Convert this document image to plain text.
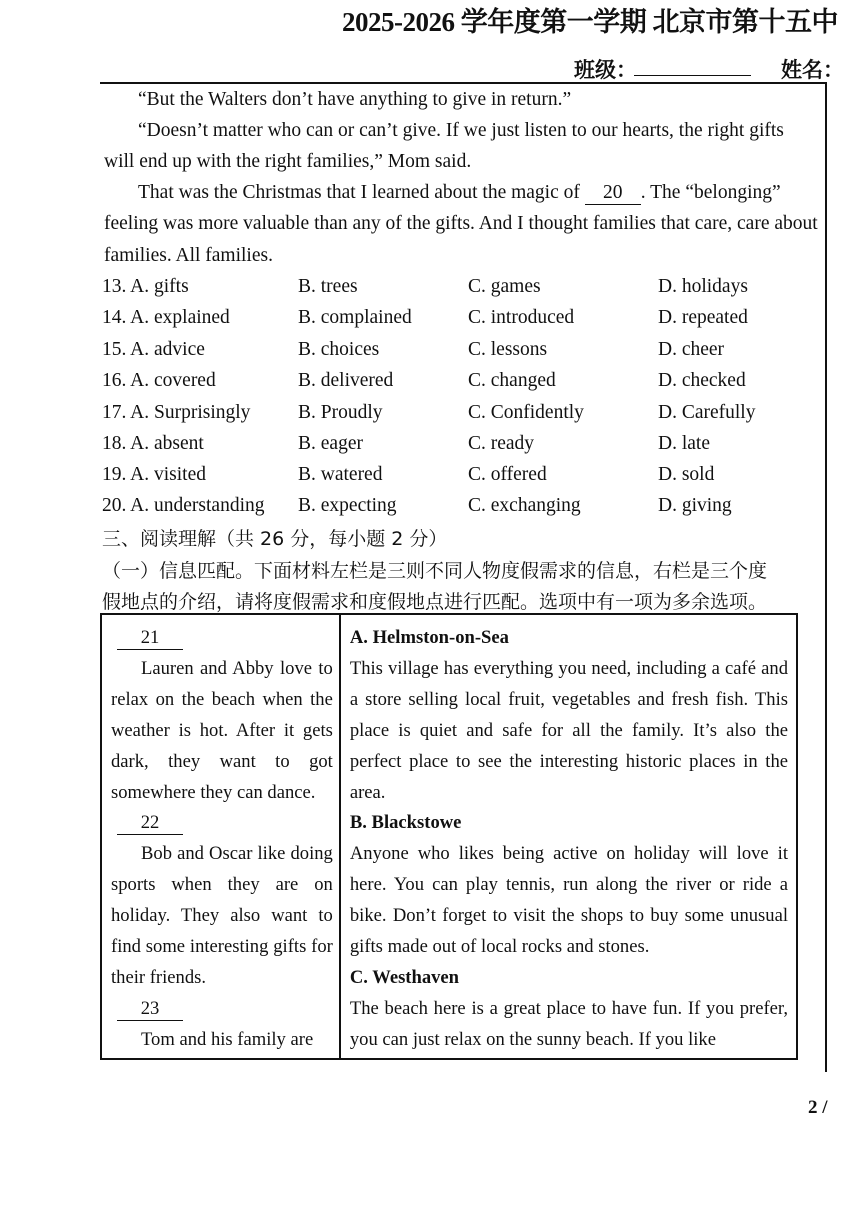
2025-2026 学年度第一学期 北京市第十五中
班级：	姓名：
“But the Walters don’t have anything to give in return.”
“Doesn’t matter who can or can’t give. If we just listen to our hearts, the right gifts
will end up with the right families,” Mom said.
That was the Christmas that I learned about the magic of 20 . The “belonging”
feeling was more valuable than any of the gifts. And I thought families that care, care about
families. All families.
13. A. gifts	B. trees	C. games	D. holidays
14. A. explained	B. complained	C. introduced	D. repeated
15. A. advice	B. choices	C. lessons	D. cheer
16. A. covered	B. delivered	C. changed	D. checked
17. A. Surprisingly B. Proudly	C. Confidently	D. Carefully
18. A. absent	B. eager	C. ready	D. late
19. A. visited	B. watered	C. offered	D. sold
20. A. understanding B. expecting	C. exchanging	D. giving
三、阅读理解（共 26 分，每小题 2 分）
（一）信息匹配。下面材料左栏是三则不同人物度假需求的信息，右栏是三个度
假地点的介绍，请将度假需求和度假地点进行匹配。选项中有一项为多余选项。
21
Lauren and Abby love to relax on the beach when the weather is hot. After it gets dark, they want to got somewhere they can dance.
22
Bob and Oscar like doing sports when they are on holiday. They also want to find some interesting gifts for their friends.
23
Tom and his family are

A. Helmston-on-Sea
This village has everything you need, including a café and a store selling local fruit, vegetables and fresh fish. This place is quiet and safe for all the family. It’s also the perfect place to see the interesting historic places in the area.
B. Blackstowe
Anyone who likes being active on holiday will love it here. You can play tennis, run along the river or ride a bike. Don’t forget to visit the shops to buy some unusual gifts made out of local rocks and stones.
C. Westhaven
The beach here is a great place to have fun. If you prefer, you can just relax on the sunny beach. If you like
2 /
